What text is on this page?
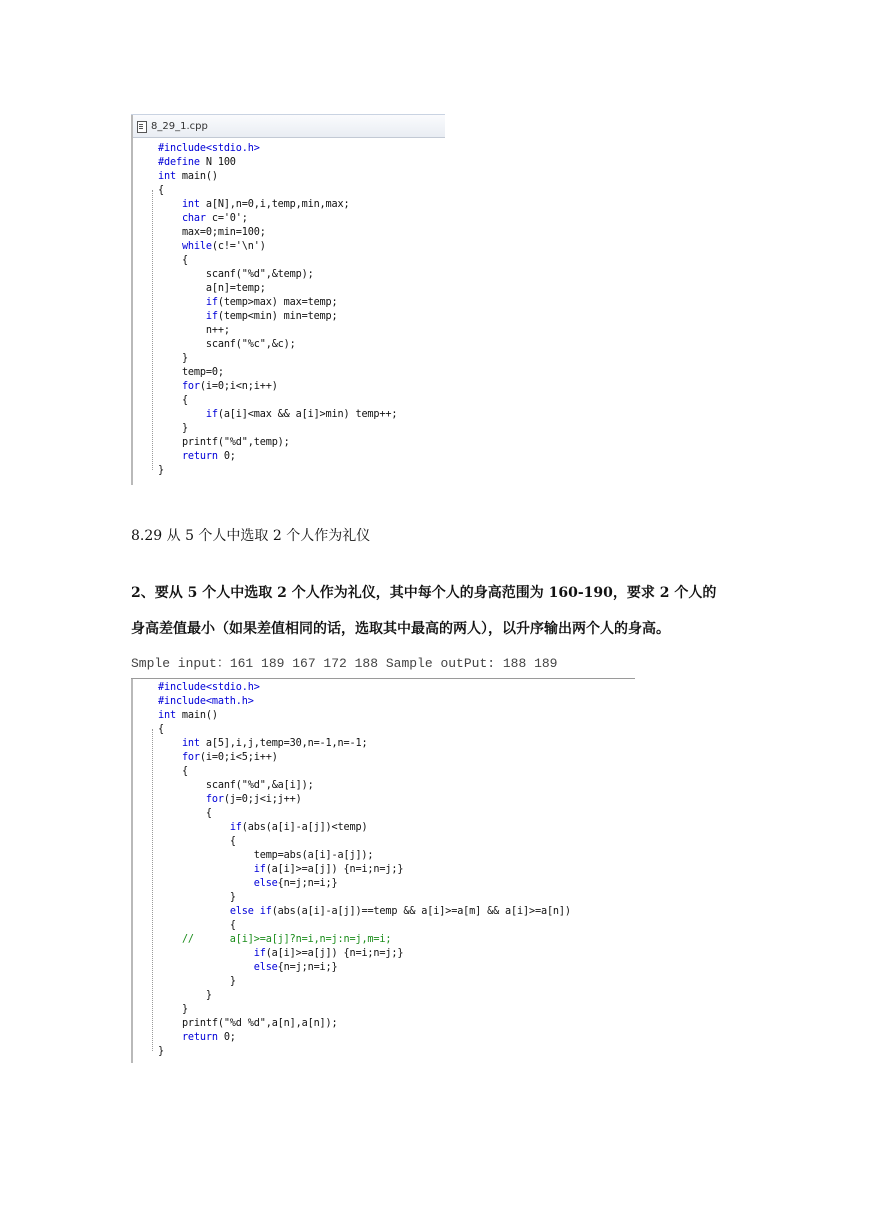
8_29_1.cpp
#include<stdio.h>
#define N 100
int main()
{
int a[N],n=0,i,temp,min,max;
char c='0';
max=0;min=100;
while(c!='\n')
{
scanf("%d",&temp);
a[n]=temp;
if(temp>max) max=temp;
if(temp<min) min=temp;
n++;
scanf("%c",&c);
}
temp=0;
for(i=0;i<n;i++)
{
if(a[i]<max && a[i]>min) temp++;
}
printf("%d",temp);
return 0;
}
8.29 从 5 个人中选取 2 个人作为礼仪
2、要从 5 个人中选取 2 个人作为礼仪，其中每个人的身高范围为 160-190，要求 2 个人的
身高差值最小（如果差值相同的话，选取其中最高的两人），以升序输出两个人的身高。
Smple input：161 189 167 172 188 Sample outPut: 188 189
#include<stdio.h>
#include<math.h>
int main()
{
int a[5],i,j,temp=30,n=-1,n=-1;
for(i=0;i<5;i++)
{
scanf("%d",&a[i]);
for(j=0;j<i;j++)
{
if(abs(a[i]-a[j])<temp)
{
temp=abs(a[i]-a[j]);
if(a[i]>=a[j]) {n=i;n=j;}
else{n=j;n=i;}
}
else if(abs(a[i]-a[j])==temp && a[i]>=a[m] && a[i]>=a[n])
{
//      a[i]>=a[j]?n=i,n=j:n=j,m=i;
if(a[i]>=a[j]) {n=i;n=j;}
else{n=j;n=i;}
}
}
}
printf("%d %d",a[n],a[n]);
return 0;
}
